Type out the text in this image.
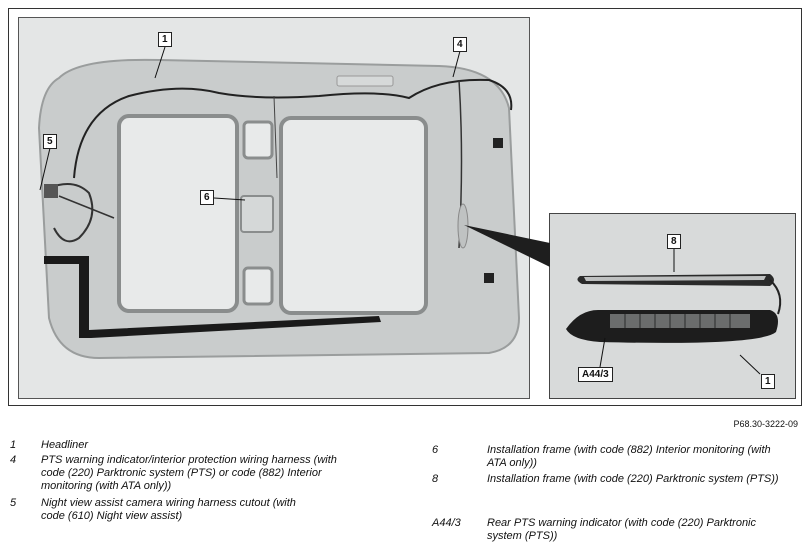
1	4
5
6
8
A44/3
1
P68.30-3222-09
1	Headliner
4	PTS warning indicator/interior protection wiring harness (with code (220) Parktronic system (PTS) or code (882) Interior monitoring (with ATA only))
5	Night view assist camera wiring harness cutout (with code (610) Night view assist)
6	Installation frame (with code (882) Interior monitoring (with ATA only))
8	Installation frame (with code (220) Parktronic system (PTS))
A44/3	Rear PTS warning indicator (with code (220) Parktronic system (PTS))
